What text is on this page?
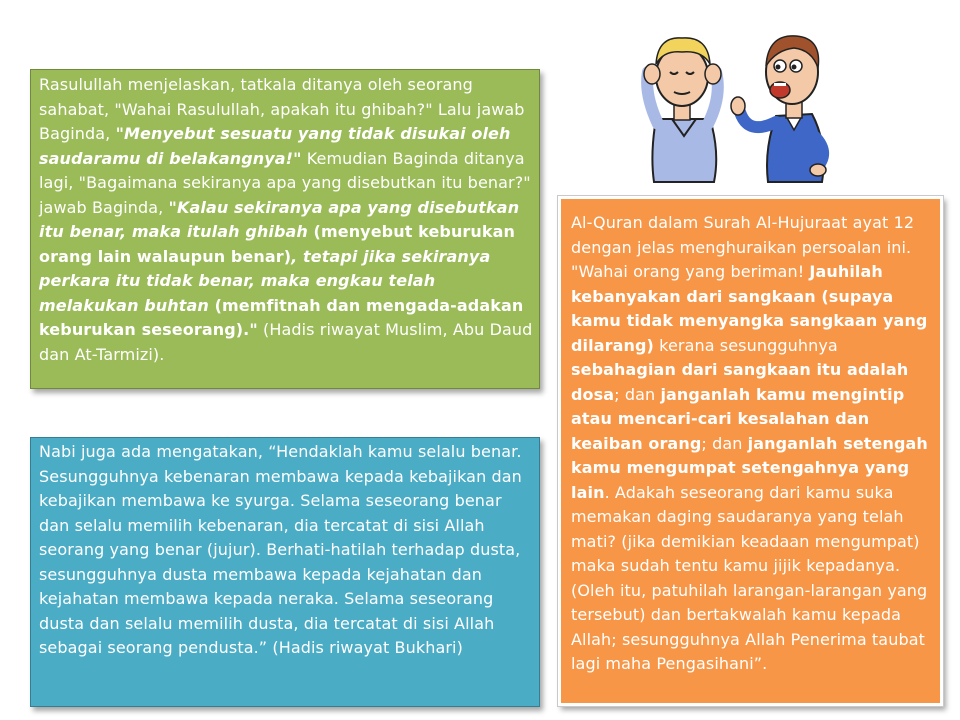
Rasulullah menjelaskan, tatkala ditanya oleh seorang sahabat, "Wahai Rasulullah, apakah itu ghibah?" Lalu jawab Baginda, "Menyebut sesuatu yang tidak disukai oleh saudaramu di belakangnya!" Kemudian Baginda ditanya lagi, "Bagaimana sekiranya apa yang disebutkan itu benar?" jawab Baginda, "Kalau sekiranya apa yang disebutkan itu benar, maka itulah ghibah (menyebut keburukan orang lain walaupun benar), tetapi jika sekiranya perkara itu tidak benar, maka engkau telah melakukan buhtan (memfitnah dan mengada-adakan keburukan seseorang)." (Hadis riwayat Muslim, Abu Daud dan At-Tarmizi).

Nabi juga ada mengatakan, “Hendaklah kamu selalu benar. Sesungguhnya kebenaran membawa kepada kebajikan dan kebajikan membawa ke syurga. Selama seseorang benar dan selalu memilih kebenaran, dia tercatat di sisi Allah seorang yang benar (jujur). Berhati-hatilah terhadap dusta, sesungguhnya dusta membawa kepada kejahatan dan kejahatan membawa kepada neraka. Selama seseorang dusta dan selalu memilih dusta, dia tercatat di sisi Allah sebagai seorang pendusta.” (Hadis riwayat Bukhari)

Al-Quran dalam Surah Al-Hujuraat ayat 12 dengan jelas menghuraikan persoalan ini. "Wahai orang yang beriman! Jauhilah kebanyakan dari sangkaan (supaya kamu tidak menyangka sangkaan yang dilarang) kerana sesungguhnya sebahagian dari sangkaan itu adalah dosa; dan janganlah kamu mengintip atau mencari-cari kesalahan dan keaiban orang; dan janganlah setengah kamu mengumpat setengahnya yang lain. Adakah seseorang dari kamu suka memakan daging saudaranya yang telah mati? (jika demikian keadaan mengumpat) maka sudah tentu kamu jijik kepadanya. (Oleh itu, patuhilah larangan-larangan yang tersebut) dan bertakwalah kamu kepada Allah; sesungguhnya Allah Penerima taubat lagi maha Pengasihani”.
